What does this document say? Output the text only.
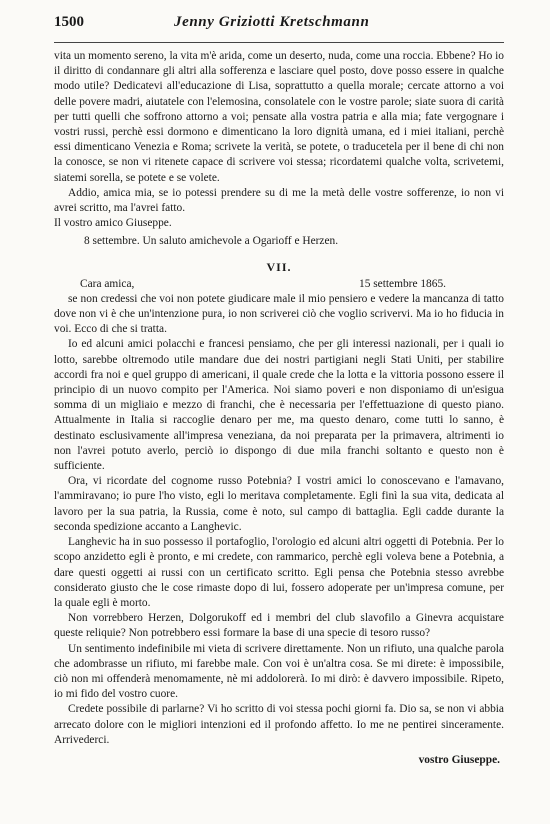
1500	Jenny Griziotti Kretschmann

vita un momento sereno, la vita m'è arida, come un deserto, nuda, come una roccia. Ebbene? Ho io il diritto di condannare gli altri alla sofferenza e lasciare quel posto, dove posso essere in qualche modo utile? Dedicatevi all'educazione di Lisa, soprattutto a quella morale; cercate attorno a voi delle povere madri, aiutatele con l'elemosina, consolatele con le vostre parole; siate suora di carità per tutti quelli che soffrono attorno a voi; pensate alla vostra patria e alla mia; fate vergognare i vostri russi, perchè essi dormono e dimenticano la loro dignità umana, ed i miei italiani, perchè essi dimenticano Venezia e Roma; scrivete la verità, se potete, o traducetela per il bene di chi non la conosce, se non vi ritenete capace di scrivere voi stessa; ricordatemi qualche volta, scrivetemi, siatemi sorella, se potete e se volete.

Addio, amica mia, se io potessi prendere su di me la metà delle vostre sofferenze, io non vi avrei scritto, ma l'avrei fatto.

Il vostro amico Giuseppe.

8 settembre. Un saluto amichevole a Ogarioff e Herzen.

VII.
Cara amica,	15 settembre 1865.

se non credessi che voi non potete giudicare male il mio pensiero e vedere la mancanza di tatto dove non vi è che un'intenzione pura, io non scriverei ciò che voglio scrivervi. Ma io ho fiducia in voi. Ecco di che si tratta.

Io ed alcuni amici polacchi e francesi pensiamo, che per gli interessi nazionali, per i quali io lotto, sarebbe oltremodo utile mandare due dei nostri partigiani negli Stati Uniti, per stabilire accordi fra noi e quel gruppo di americani, il quale crede che la lotta e la vittoria possono essere il principio di un nuovo compito per l'America. Noi siamo poveri e non disponiamo di un'esigua somma di un migliaio e mezzo di franchi, che è necessaria per l'effettuazione di questo piano. Attualmente in Italia si raccoglie denaro per me, ma questo denaro, come tutti lo sanno, è destinato esclusivamente all'impresa veneziana, da noi preparata per la primavera, altrimenti io non l'avrei potuto averlo, perciò io dispongo di due mila franchi soltanto e questo non è sufficiente.

Ora, vi ricordate del cognome russo Potebnia? I vostri amici lo conoscevano e l'amavano, l'ammiravano; io pure l'ho visto, egli lo meritava completamente. Egli finì la sua vita, dedicata al lavoro per la sua patria, la Russia, come è noto, sul campo di battaglia. Egli cadde durante la seconda spedizione accanto a Langhevic.

Langhevic ha in suo possesso il portafoglio, l'orologio ed alcuni altri oggetti di Potebnia. Per lo scopo anzidetto egli è pronto, e mi credete, con rammarico, perchè egli voleva bene a Potebnia, a dare questi oggetti ai russi con un certificato scritto. Egli pensa che Potebnia stesso avrebbe considerato giusto che le cose rimaste dopo di lui, fossero adoperate per un'impresa comune, per la quale egli è morto.

Non vorrebbero Herzen, Dolgorukoff ed i membri del club slavofilo a Ginevra acquistare queste reliquie? Non potrebbero essi formare la base di una specie di tesoro russo?

Un sentimento indefinibile mi vieta di scrivere direttamente. Non un rifiuto, una qualche parola che adombrasse un rifiuto, mi farebbe male. Con voi è un'altra cosa. Se mi direte: è impossibile, ciò non mi offenderà menomamente, nè mi addolorerà. Io mi dirò: è davvero impossibile. Ripeto, io mi fido del vostro cuore.

Credete possibile di parlarne? Vi ho scritto di voi stessa pochi giorni fa. Dio sa, se non vi abbia arrecato dolore con le migliori intenzioni ed il profondo affetto. Io me ne pentirei sinceramente. Arrivederci.

vostro Giuseppe.
